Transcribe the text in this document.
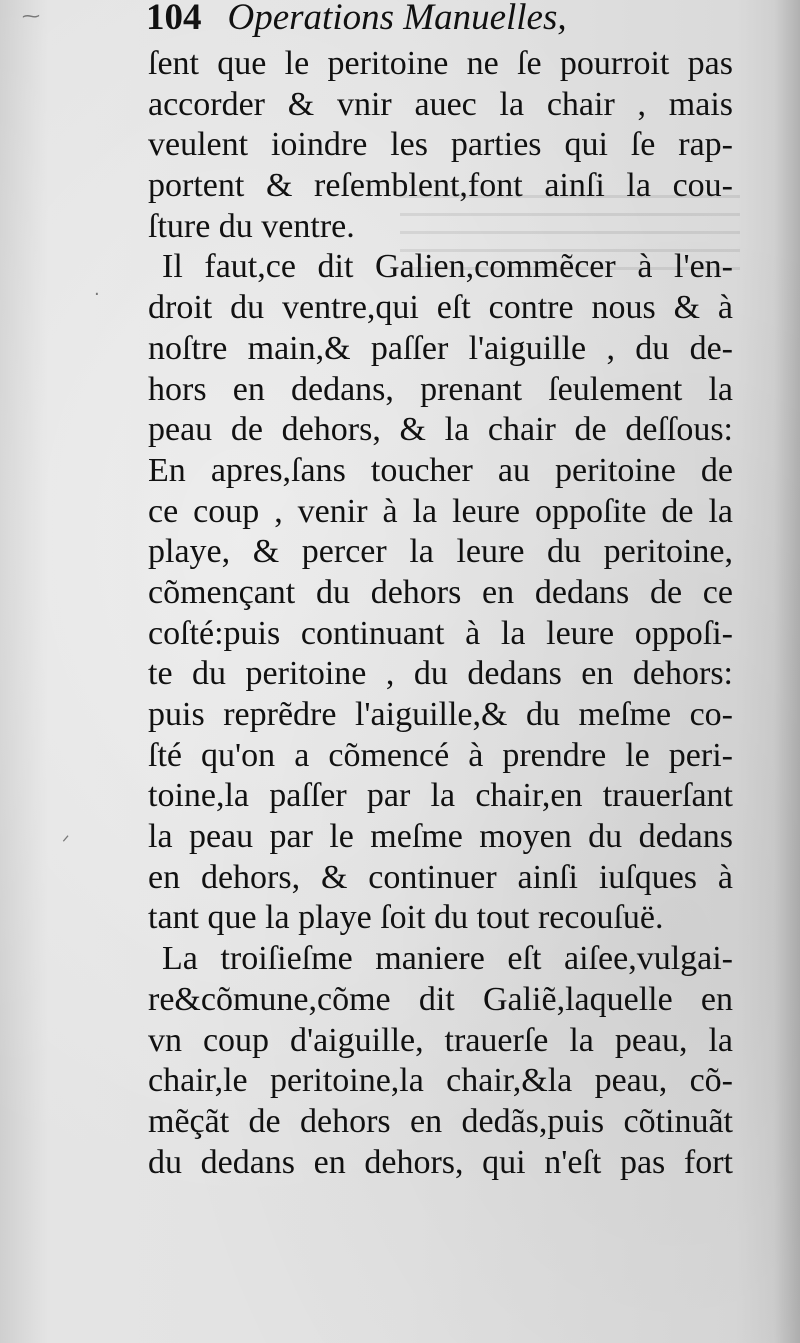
⁓
·
ᐟ
104 Operations Manuelles,
ſent que le peritoine ne ſe pourroit pas
accorder & vnir auec la chair , mais
veulent ioindre les parties qui ſe rap-
portent & reſemblent,font ainſi la cou-
ſture du ventre.
Il faut,ce dit Galien,commẽcer à l'en-
droit du ventre,qui eſt contre nous & à
noſtre main,& paſſer l'aiguille , du de-
hors en dedans, prenant ſeulement la
peau de dehors, & la chair de deſſous:
En apres,ſans toucher au peritoine de
ce coup , venir à la leure oppoſite de la
playe, & percer la leure du peritoine,
cõmençant du dehors en dedans de ce
coſté:puis continuant à la leure oppoſi-
te du peritoine , du dedans en dehors:
puis reprẽdre l'aiguille,& du meſme co-
ſté qu'on a cõmencé à prendre le peri-
toine,la paſſer par la chair,en trauerſant
la peau par le meſme moyen du dedans
en dehors, & continuer ainſi iuſques à
tant que la playe ſoit du tout recouſuë.
La troiſieſme maniere eſt aiſee,vulgai-
re&cõmune,cõme dit Galiẽ,laquelle en
vn coup d'aiguille, trauerſe la peau, la
chair,le peritoine,la chair,&la peau, cõ-
mẽçãt de dehors en dedãs,puis cõtinuãt
du dedans en dehors, qui n'eſt pas fort
